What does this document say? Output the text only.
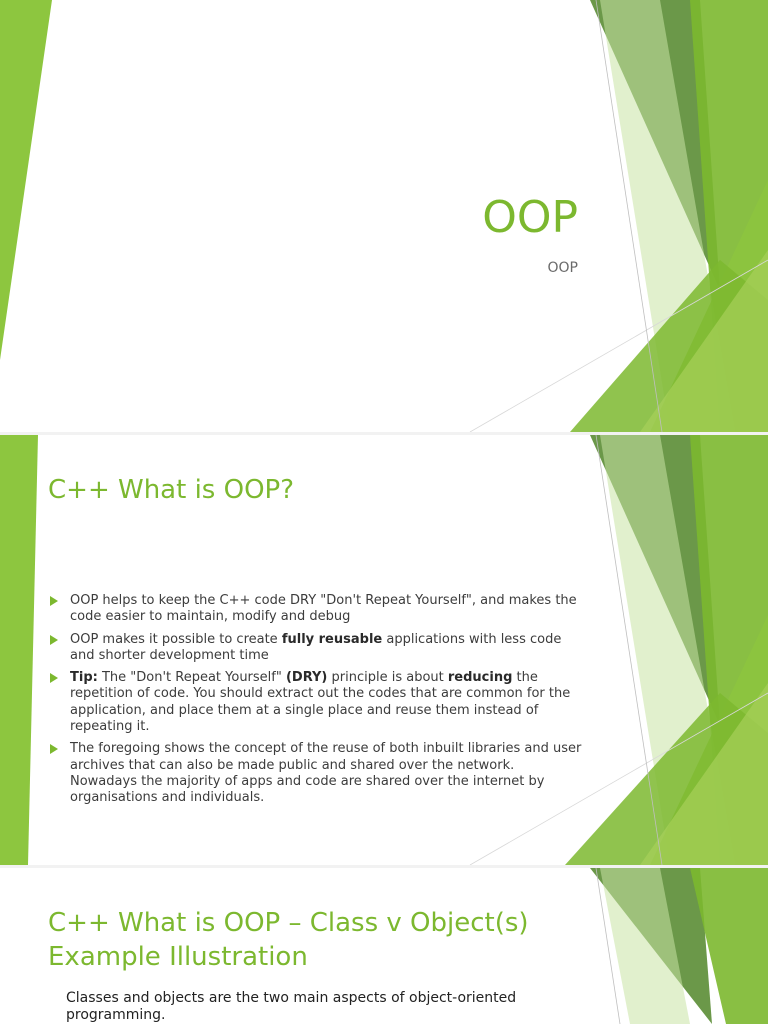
OOP
OOP
C++ What is OOP?
OOP helps to keep the C++ code DRY "Don't Repeat Yourself", and makes the code easier to maintain, modify and debug
OOP makes it possible to create fully reusable applications with less code and shorter development time
Tip: The "Don't Repeat Yourself" (DRY) principle is about reducing the repetition of code. You should extract out the codes that are common for the application, and place them at a single place and reuse them instead of repeating it.
The foregoing shows the concept of the reuse of both inbuilt libraries and user archives that can also be made public and shared over the network. Nowadays the majority of apps and code are shared over the internet by organisations and individuals.
C++ What is OOP – Class v Object(s) Example Illustration
Classes and objects are the two main aspects of object-oriented programming.
